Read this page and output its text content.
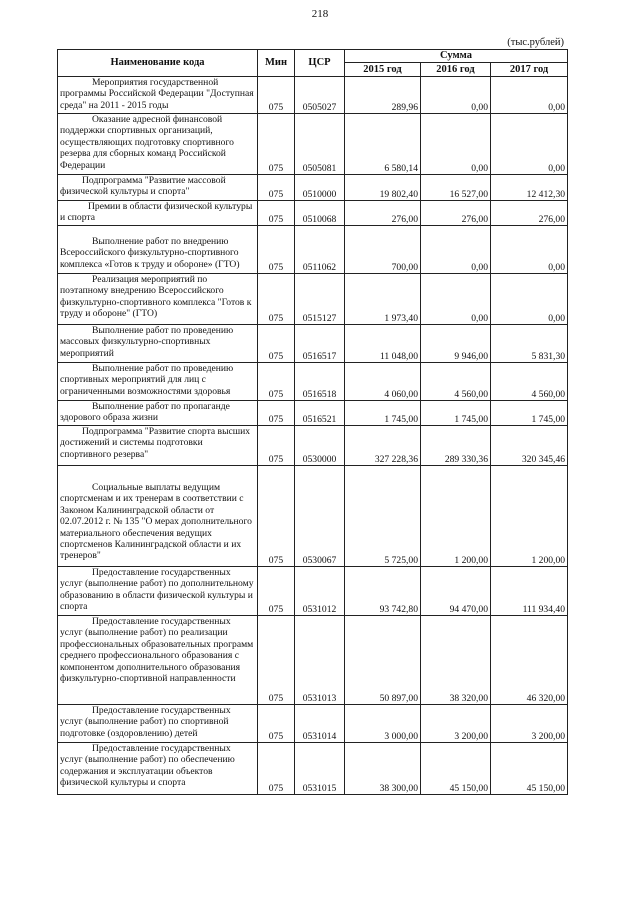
218
(тыс.рублей)
Наименование кода	Мин	ЦСР	Сумма		
			2015 год	2016 год	2017 год
Мероприятия государственной программы Российской Федерации "Доступная среда" на 2011 - 2015 годы	075	0505027	289,96	0,00	0,00
Оказание адресной финансовой поддержки спортивных организаций, осуществляющих подготовку спортивного резерва для сборных команд Российской Федерации	075	0505081	6 580,14	0,00	0,00
Подпрограмма "Развитие массовой физической культуры и спорта"	075	0510000	19 802,40	16 527,00	12 412,30
Премии в области физической культуры и спорта	075	0510068	276,00	276,00	276,00
Выполнение работ по внедрению Всероссийского физкультурно-спортивного комплекса «Готов к труду и обороне» (ГТО)	075	0511062	700,00	0,00	0,00
Реализация мероприятий по поэтапному внедрению Всероссийского физкультурно-спортивного комплекса "Готов к труду и обороне" (ГТО)	075	0515127	1 973,40	0,00	0,00
Выполнение работ по проведению массовых физкультурно-спортивных мероприятий	075	0516517	11 048,00	9 946,00	5 831,30
Выполнение работ по проведению спортивных мероприятий для лиц с ограниченными возможностями здоровья	075	0516518	4 060,00	4 560,00	4 560,00
Выполнение работ по пропаганде здорового образа жизни	075	0516521	1 745,00	1 745,00	1 745,00
Подпрограмма "Развитие спорта высших достижений и системы подготовки спортивного резерва"	075	0530000	327 228,36	289 330,36	320 345,46
Социальные выплаты ведущим спортсменам и их тренерам в соответствии с Законом Калининградской области от 02.07.2012 г. № 135 "О мерах дополнительного материального обеспечения ведущих спортсменов Калининградской области и их тренеров"	075	0530067	5 725,00	1 200,00	1 200,00
Предоставление государственных услуг (выполнение работ) по дополнительному образованию в области физической культуры и спорта	075	0531012	93 742,80	94 470,00	111 934,40
Предоставление государственных услуг (выполнение работ) по реализации профессиональных образовательных программ среднего профессионального образования с компонентом дополнительного образования физкультурно-спортивной направленности	075	0531013	50 897,00	38 320,00	46 320,00
Предоставление государственных услуг (выполнение работ) по спортивной подготовке (оздоровлению) детей	075	0531014	3 000,00	3 200,00	3 200,00
Предоставление государственных услуг (выполнение работ) по обеспечению содержания и эксплуатации объектов физической культуры и спорта	075	0531015	38 300,00	45 150,00	45 150,00
